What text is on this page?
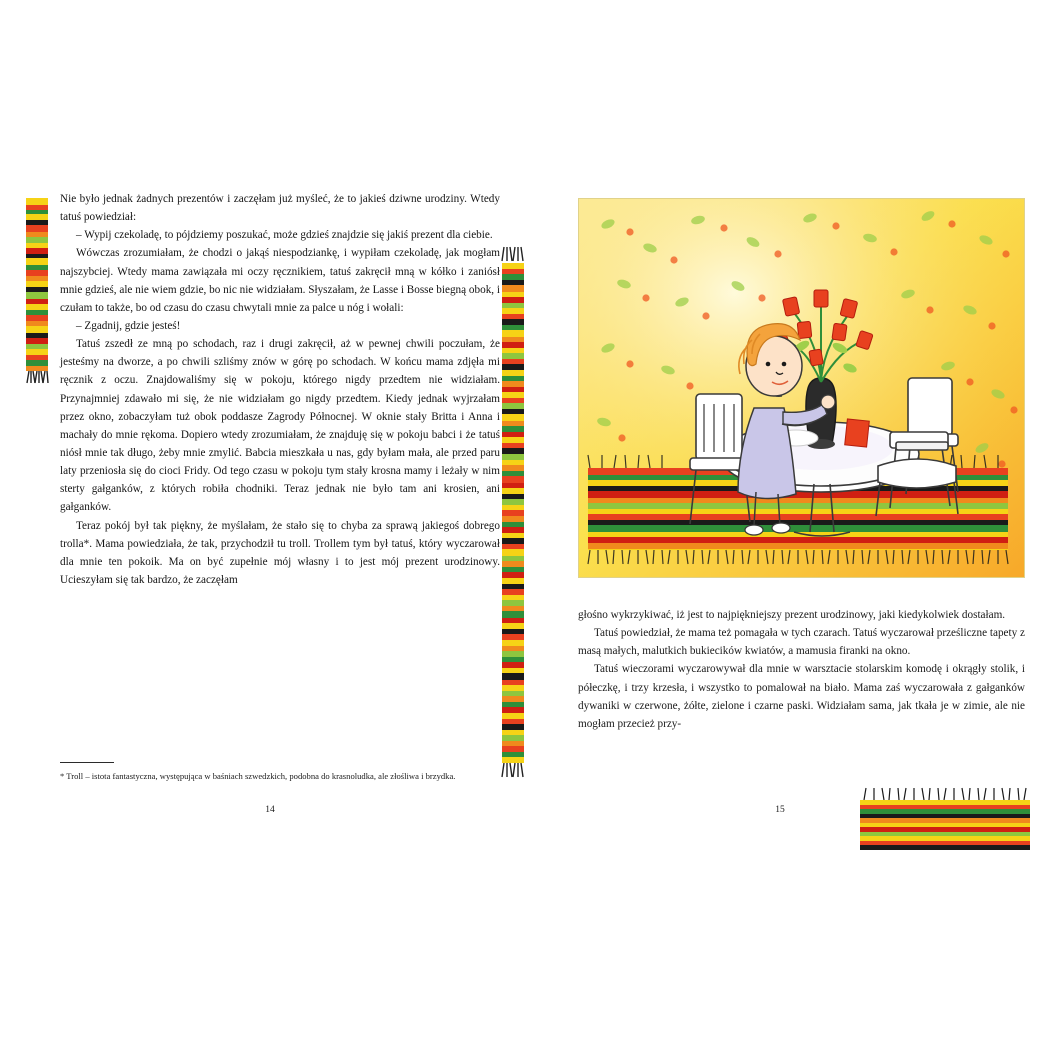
Nie było jednak żadnych prezentów i zaczęłam już myśleć, że to jakieś dziwne urodziny. Wtedy tatuś powiedział:

– Wypij czekoladę, to pójdziemy poszukać, może gdzieś znajdzie się jakiś prezent dla ciebie.

Wówczas zrozumiałam, że chodzi o jakąś niespodziankę, i wypiłam czekoladę, jak mogłam najszybciej. Wtedy mama zawiązała mi oczy ręcznikiem, tatuś zakręcił mną w kółko i zaniósł mnie gdzieś, ale nie wiem gdzie, bo nic nie widziałam. Słyszałam, że Lasse i Bosse biegną obok, i czułam to także, bo od czasu do czasu chwytali mnie za palce u nóg i wołali:

– Zgadnij, gdzie jesteś!

Tatuś zszedł ze mną po schodach, raz i drugi zakręcił, aż w pewnej chwili poczułam, że jesteśmy na dworze, a po chwili szliśmy znów w górę po schodach. W końcu mama zdjęła mi ręcznik z oczu. Znajdowaliśmy się w pokoju, którego nigdy przedtem nie widziałam. Przynajmniej zdawało mi się, że nie widziałam go nigdy przedtem. Kiedy jednak wyjrzałam przez okno, zobaczyłam tuż obok poddasze Zagrody Północnej. W oknie stały Britta i Anna i machały do mnie rękoma. Dopiero wtedy zrozumiałam, że znajduję się w pokoju babci i że tatuś niósł mnie tak długo, żeby mnie zmylić. Babcia mieszkała u nas, gdy byłam mała, ale przed paru laty przeniosła się do cioci Fridy. Od tego czasu w pokoju tym stały krosna mamy i leżały w nim sterty gałganków, z których robiła chodniki. Teraz jednak nie było tam ani krosien, ani gałganków.

Teraz pokój był tak piękny, że myślałam, że stało się to chyba za sprawą jakiegoś dobrego trolla*. Mama powiedziała, że tak, przychodził tu troll. Trollem tym był tatuś, który wyczarował dla mnie ten pokoik. Ma on być zupełnie mój własny i to jest mój prezent urodzinowy. Ucieszyłam się tak bardzo, że zaczęłam

* Troll – istota fantastyczna, występująca w baśniach szwedzkich, podobna do krasnoludka, ale złośliwa i brzydka.
14

głośno wykrzykiwać, iż jest to najpiękniejszy prezent urodzinowy, jaki kiedykolwiek dostałam.

Tatuś powiedział, że mama też pomagała w tych czarach. Tatuś wyczarował prześliczne tapety z masą małych, malutkich bukiecików kwiatów, a mamusia firanki na okno.

Tatuś wieczorami wyczarowywał dla mnie w warsztacie stolarskim komodę i okrągły stolik, i półeczkę, i trzy krzesła, i wszystko to pomalował na biało. Mama zaś wyczarowała z gałganków dywaniki w czerwone, żółte, zielone i czarne paski. Widziałam sama, jak tkała je w zimie, ale nie mogłam przecież przy-

15
